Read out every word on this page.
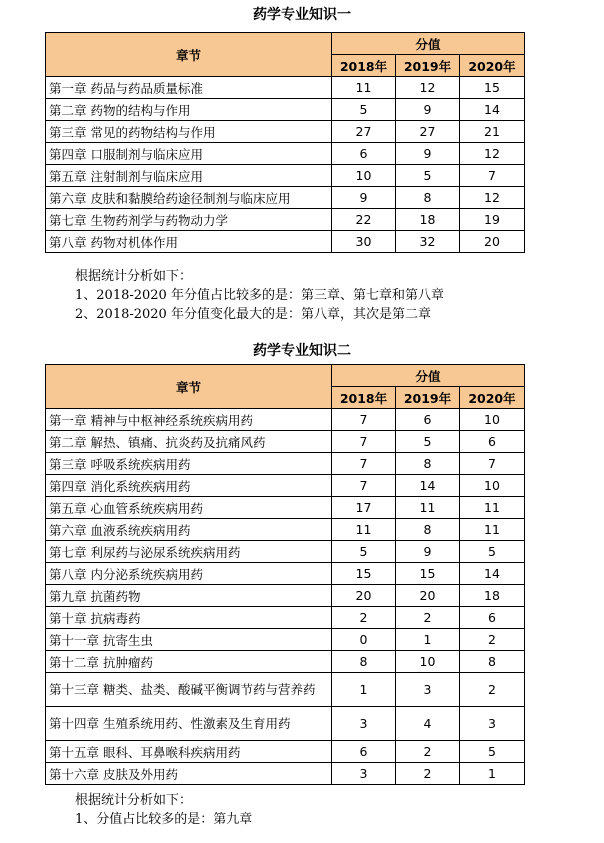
药学专业知识一
章节	分值		
	2018年	2019年	2020年
第一章 药品与药品质量标准	11	12	15
第二章 药物的结构与作用	5	9	14
第三章 常见的药物结构与作用	27	27	21
第四章 口服制剂与临床应用	6	9	12
第五章 注射制剂与临床应用	10	5	7
第六章 皮肤和黏膜给药途径制剂与临床应用	9	8	12
第七章 生物药剂学与药物动力学	22	18	19
第八章 药物对机体作用	30	32	20

根据统计分析如下：

1、2018-2020 年分值占比较多的是：第三章、第七章和第八章

2、2018-2020 年分值变化最大的是：第八章，其次是第二章

药学专业知识二
章节	分值		
	2018年	2019年	2020年
第一章 精神与中枢神经系统疾病用药	7	6	10
第二章 解热、镇痛、抗炎药及抗痛风药	7	5	6
第三章 呼吸系统疾病用药	7	8	7
第四章 消化系统疾病用药	7	14	10
第五章 心血管系统疾病用药	17	11	11
第六章 血液系统疾病用药	11	8	11
第七章 利尿药与泌尿系统疾病用药	5	9	5
第八章 内分泌系统疾病用药	15	15	14
第九章 抗菌药物	20	20	18
第十章 抗病毒药	2	2	6
第十一章 抗寄生虫	0	1	2
第十二章 抗肿瘤药	8	10	8
第十三章 糖类、盐类、酸碱平衡调节药与营养药	1	3	2
第十四章 生殖系统用药、性激素及生育用药	3	4	3
第十五章 眼科、耳鼻喉科疾病用药	6	2	5
第十六章 皮肤及外用药	3	2	1

根据统计分析如下：

1、分值占比较多的是：第九章
